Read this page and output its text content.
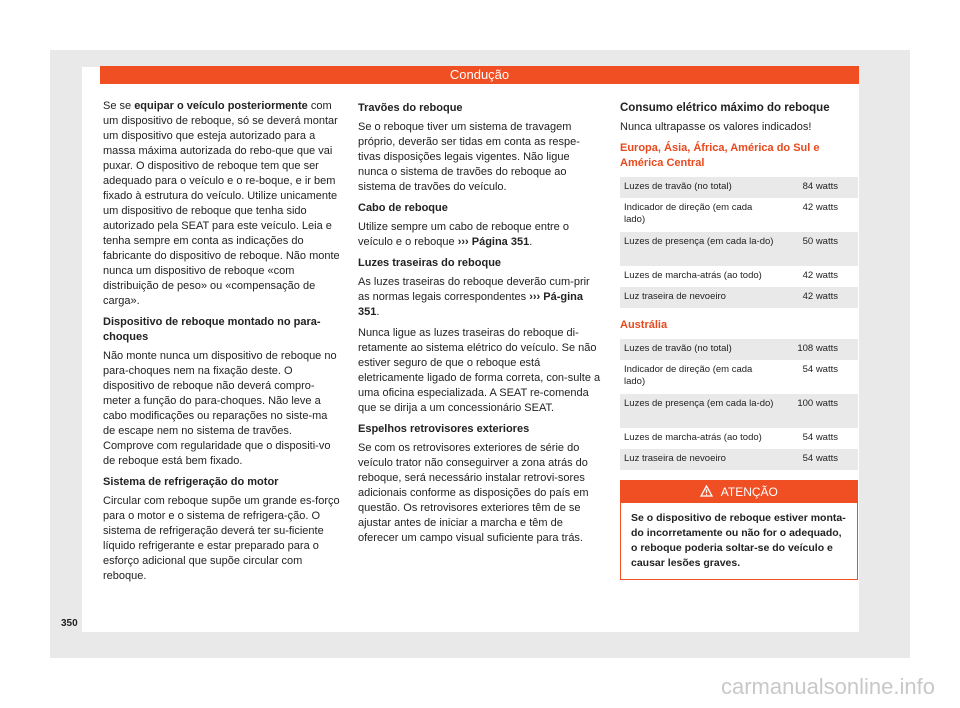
Condução

Se se equipar o veículo posteriormente com um dispositivo de reboque, só se deverá montar um dispositivo que esteja autorizado para a massa máxima autorizada do rebo-que que vai puxar. O dispositivo de reboque tem que ser adequado para o veículo e o re-boque, e ir bem fixado à estrutura do veículo. Utilize unicamente um dispositivo de reboque que tenha sido autorizado pela SEAT para este veículo. Leia e tenha sempre em conta as indicações do fabricante do dispositivo de reboque. Não monte nunca um dispositivo de reboque «com distribuição de peso» ou «compensação de carga».

Dispositivo de reboque montado no para-choques

Não monte nunca um dispositivo de reboque no para-choques nem na fixação deste. O dispositivo de reboque não deverá compro-meter a função do para-choques. Não leve a cabo modificações ou reparações no siste-ma de escape nem no sistema de travões. Comprove com regularidade que o dispositi-vo de reboque está bem fixado.

Sistema de refrigeração do motor

Circular com reboque supõe um grande es-forço para o motor e o sistema de refrigera-ção. O sistema de refrigeração deverá ter su-ficiente líquido refrigerante e estar preparado para o esforço adicional que supõe circular com reboque.

Travões do reboque

Se o reboque tiver um sistema de travagem próprio, deverão ser tidas em conta as respe-tivas disposições legais vigentes. Não ligue nunca o sistema de travões do reboque ao sistema de travões do veículo.

Cabo de reboque

Utilize sempre um cabo de reboque entre o veículo e o reboque ››› Página 351.

Luzes traseiras do reboque

As luzes traseiras do reboque deverão cum-prir as normas legais correspondentes ››› Pá-gina 351.

Nunca ligue as luzes traseiras do reboque di-retamente ao sistema elétrico do veículo. Se não estiver seguro de que o reboque está eletricamente ligado de forma correta, con-sulte a uma oficina especializada. A SEAT re-comenda que se dirija a um concessionário SEAT.

Espelhos retrovisores exteriores

Se com os retrovisores exteriores de série do veículo trator não conseguirver a zona atrás do reboque, será necessário instalar retrovi-sores adicionais conforme as disposições do país em questão. Os retrovisores exteriores têm de se ajustar antes de iniciar a marcha e têm de oferecer um campo visual suficiente para trás.

Consumo elétrico máximo do reboque

Nunca ultrapasse os valores indicados!

Europa, Ásia, África, América do Sul e América Central
Luzes de travão (no total)	84 watts
Indicador de direção (em cada lado)	42 watts
Luzes de presença (em cada la-do)	50 watts
Luzes de marcha-atrás (ao todo)	42 watts
Luz traseira de nevoeiro	42 watts
Austrália
Luzes de travão (no total)	108 watts
Indicador de direção (em cada lado)	54 watts
Luzes de presença (em cada la-do)	100 watts
Luzes de marcha-atrás (ao todo)	54 watts
Luz traseira de nevoeiro	54 watts
ATENÇÃO
Se o dispositivo de reboque estiver monta-do incorretamente ou não for o adequado, o reboque poderia soltar-se do veículo e causar lesões graves.
350
carmanualsonline.info
